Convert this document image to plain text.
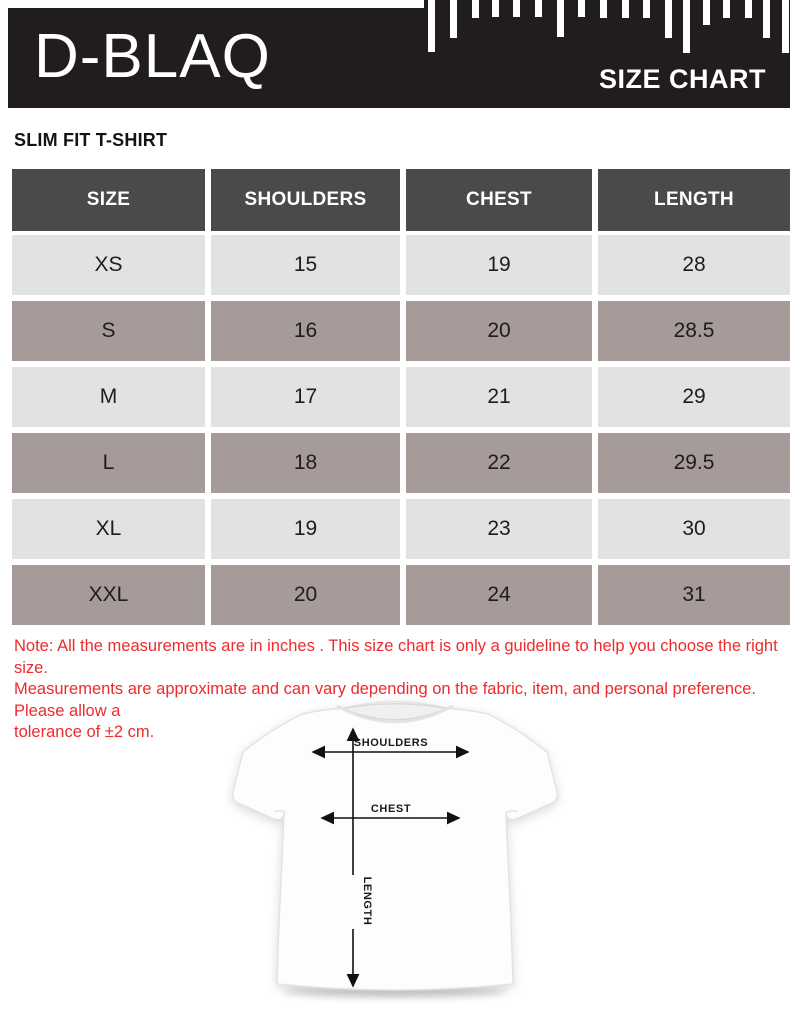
D-BLAQ	SIZE CHART
SLIM FIT T-SHIRT
SIZE	SHOULDERS	CHEST	LENGTH
XS	15	19	28
S	16	20	28.5
M	17	21	29
L	18	22	29.5
XL	19	23	30
XXL	20	24	31
Note: All the measurements are in inches . This size chart is only a guideline to help you choose the right size.
Measurements are approximate and can vary depending on the fabric, item, and personal preference. Please allow a
tolerance of ±2 cm.
SHOULDERS
CHEST
LENGTH
